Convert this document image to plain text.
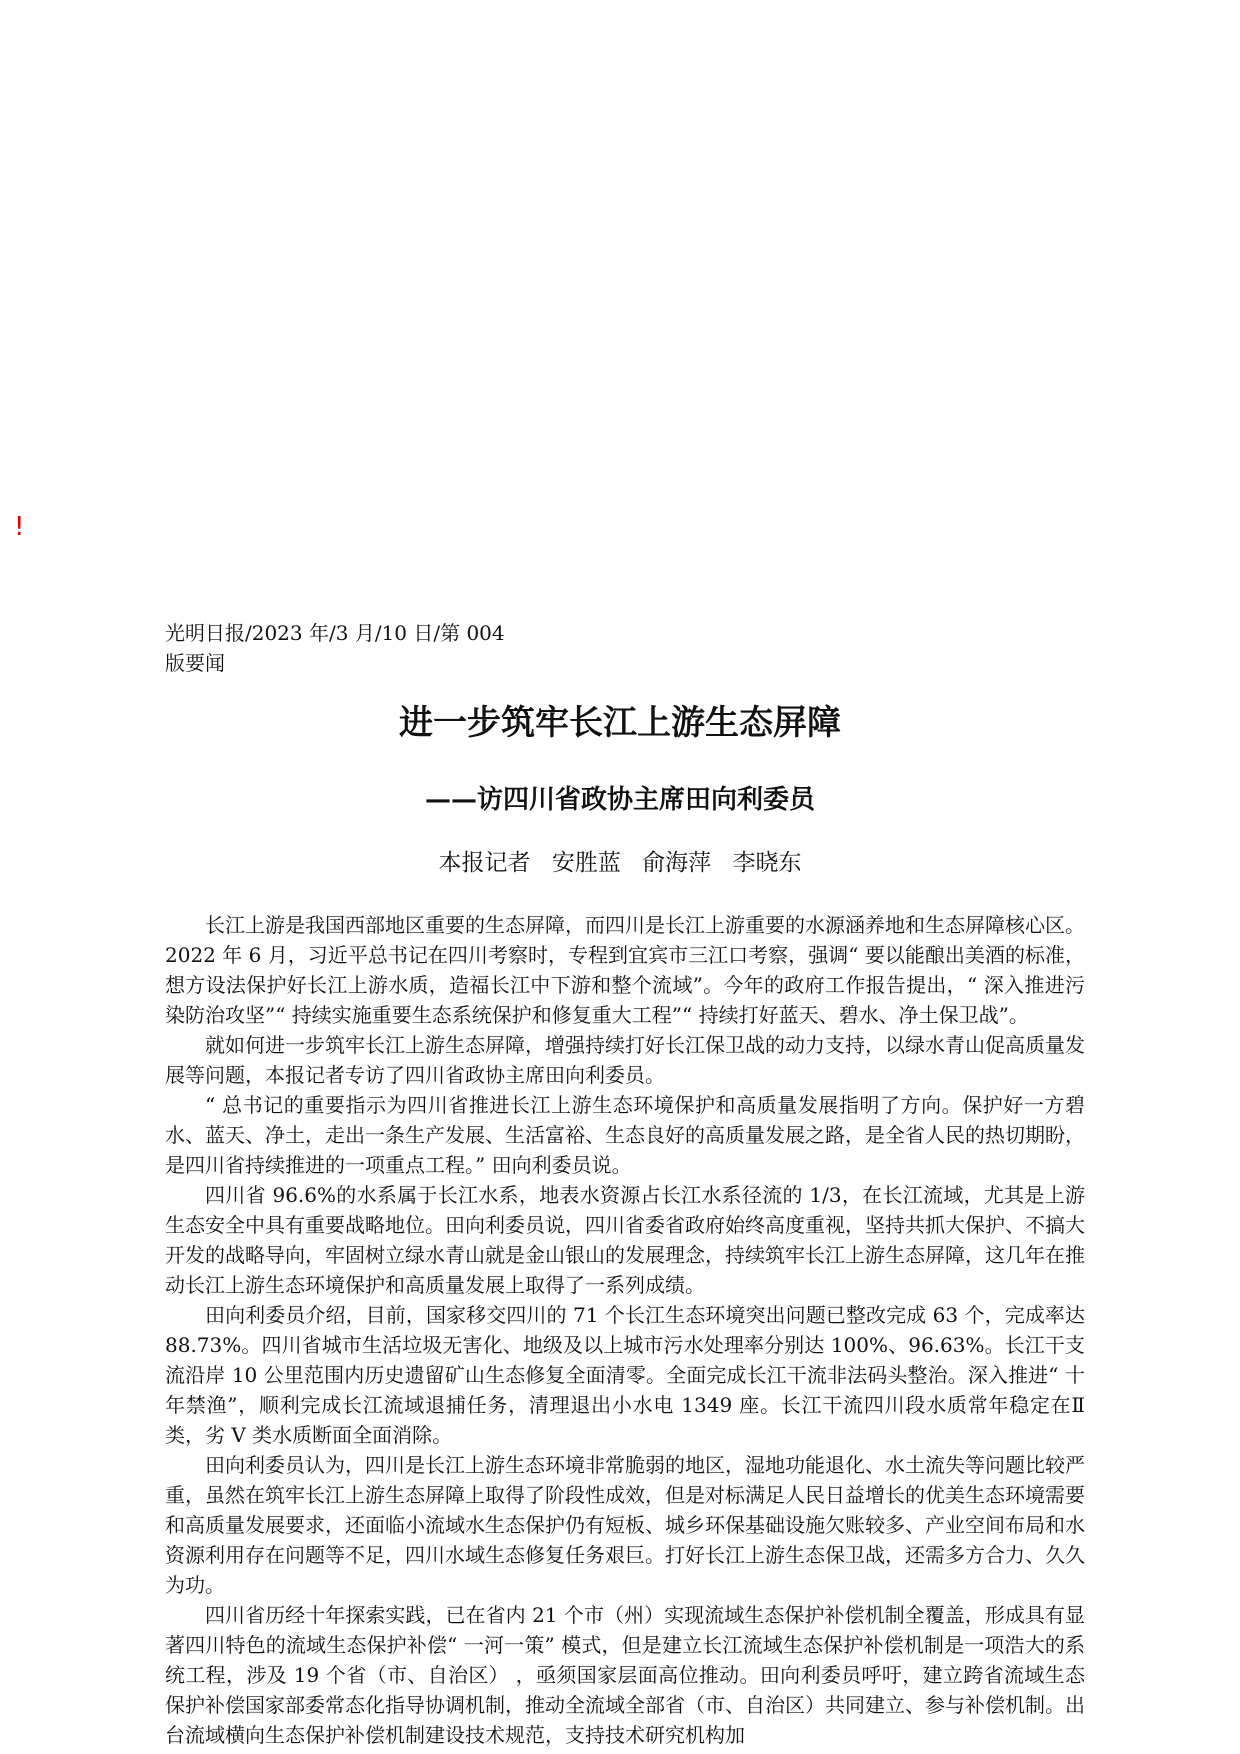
!
光明日报/2023 年/3 月/10 日/第 004
版要闻
进一步筑牢长江上游生态屏障
——访四川省政协主席田向利委员
本报记者 安胜蓝 俞海萍 李晓东

长江上游是我国西部地区重要的生态屏障，而四川是长江上游重要的水源涵养地和生态屏障核心区。2022 年 6 月，习近平总书记在四川考察时，专程到宜宾市三江口考察，强调“ 要以能酿出美酒的标准，想方设法保护好长江上游水质，造福长江中下游和整个流域”。今年的政府工作报告提出，“ 深入推进污染防治攻坚”“ 持续实施重要生态系统保护和修复重大工程”“ 持续打好蓝天、碧水、净土保卫战”。

就如何进一步筑牢长江上游生态屏障，增强持续打好长江保卫战的动力支持，以绿水青山促高质量发展等问题，本报记者专访了四川省政协主席田向利委员。

“ 总书记的重要指示为四川省推进长江上游生态环境保护和高质量发展指明了方向。保护好一方碧水、蓝天、净土，走出一条生产发展、生活富裕、生态良好的高质量发展之路，是全省人民的热切期盼，是四川省持续推进的一项重点工程。” 田向利委员说。

四川省 96.6%的水系属于长江水系，地表水资源占长江水系径流的 1/3，在长江流域，尤其是上游生态安全中具有重要战略地位。田向利委员说，四川省委省政府始终高度重视，坚持共抓大保护、不搞大开发的战略导向，牢固树立绿水青山就是金山银山的发展理念，持续筑牢长江上游生态屏障，这几年在推动长江上游生态环境保护和高质量发展上取得了一系列成绩。

田向利委员介绍，目前，国家移交四川的 71 个长江生态环境突出问题已整改完成 63 个，完成率达 88.73%。四川省城市生活垃圾无害化、地级及以上城市污水处理率分别达 100%、96.63%。长江干支流沿岸 10 公里范围内历史遗留矿山生态修复全面清零。全面完成长江干流非法码头整治。深入推进“ 十年禁渔”，顺利完成长江流域退捕任务，清理退出小水电 1349 座。长江干流四川段水质常年稳定在Ⅱ类，劣 V 类水质断面全面消除。

田向利委员认为，四川是长江上游生态环境非常脆弱的地区，湿地功能退化、水土流失等问题比较严重，虽然在筑牢长江上游生态屏障上取得了阶段性成效，但是对标满足人民日益增长的优美生态环境需要和高质量发展要求，还面临小流域水生态保护仍有短板、城乡环保基础设施欠账较多、产业空间布局和水资源利用存在问题等不足，四川水域生态修复任务艰巨。打好长江上游生态保卫战，还需多方合力、久久为功。

四川省历经十年探索实践，已在省内 21 个市（州）实现流域生态保护补偿机制全覆盖，形成具有显著四川特色的流域生态保护补偿“ 一河一策” 模式，但是建立长江流域生态保护补偿机制是一项浩大的系统工程，涉及 19 个省（市、自治区） ，亟须国家层面高位推动。田向利委员呼吁，建立跨省流域生态保护补偿国家部委常态化指导协调机制，推动全流域全部省（市、自治区）共同建立、参与补偿机制。出台流域横向生态保护补偿机制建设技术规范，支持技术研究机构加
